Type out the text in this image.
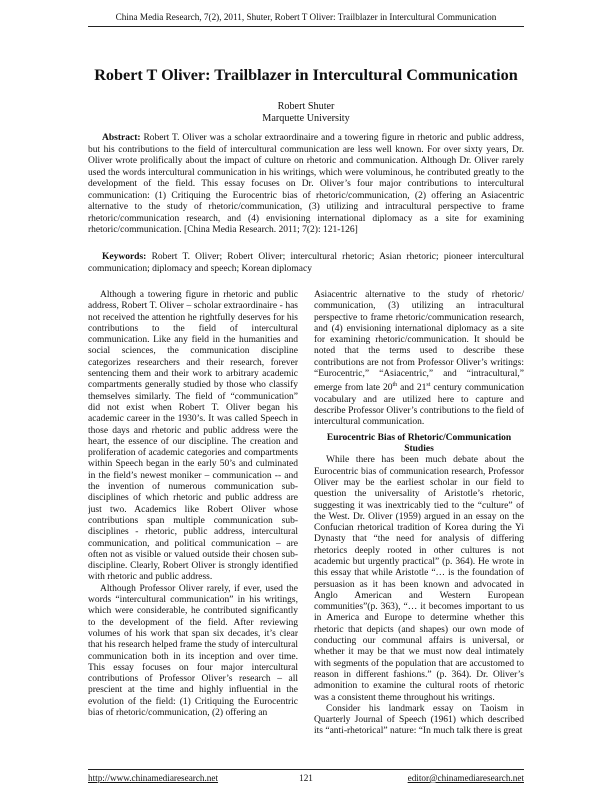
China Media Research, 7(2), 2011, Shuter, Robert T Oliver: Trailblazer in Intercultural Communication
Robert T Oliver: Trailblazer in Intercultural Communication
Robert Shuter
Marquette University
Abstract: Robert T. Oliver was a scholar extraordinaire and a towering figure in rhetoric and public address, but his contributions to the field of intercultural communication are less well known. For over sixty years, Dr. Oliver wrote prolifically about the impact of culture on rhetoric and communication. Although Dr. Oliver rarely used the words intercultural communication in his writings, which were voluminous, he contributed greatly to the development of the field. This essay focuses on Dr. Oliver’s four major contributions to intercultural communication: (1) Critiquing the Eurocentric bias of rhetoric/communication, (2) offering an Asiacentric alternative to the study of rhetoric/communication, (3) utilizing and intracultural perspective to frame rhetoric/communication research, and (4) envisioning international diplomacy as a site for examining rhetoric/communication. [China Media Research. 2011; 7(2): 121-126]
Keywords: Robert T. Oliver; Robert Oliver; intercultural rhetoric; Asian rhetoric; pioneer intercultural communication; diplomacy and speech; Korean diplomacy

Although a towering figure in rhetoric and public address, Robert T. Oliver – scholar extraordinaire - has not received the attention he rightfully deserves for his contributions to the field of intercultural communication. Like any field in the humanities and social sciences, the communication discipline categorizes researchers and their research, forever sentencing them and their work to arbitrary academic compartments generally studied by those who classify themselves similarly. The field of “communication” did not exist when Robert T. Oliver began his academic career in the 1930’s. It was called Speech in those days and rhetoric and public address were the heart, the essence of our discipline. The creation and proliferation of academic categories and compartments within Speech began in the early 50’s and culminated in the field’s newest moniker – communication -- and the invention of numerous communication sub-disciplines of which rhetoric and public address are just two. Academics like Robert Oliver whose contributions span multiple communication sub-disciplines - rhetoric, public address, intercultural communication, and political communication – are often not as visible or valued outside their chosen sub-discipline. Clearly, Robert Oliver is strongly identified with rhetoric and public address.

Although Professor Oliver rarely, if ever, used the words “intercultural communication” in his writings, which were considerable, he contributed significantly to the development of the field. After reviewing volumes of his work that span six decades, it’s clear that his research helped frame the study of intercultural communication both in its inception and over time. This essay focuses on four major intercultural contributions of Professor Oliver’s research – all prescient at the time and highly influential in the evolution of the field: (1) Critiquing the Eurocentric bias of rhetoric/communication, (2) offering an

Asiacentric alternative to the study of rhetoric/ communication, (3) utilizing an intracultural perspective to frame rhetoric/communication research, and (4) envisioning international diplomacy as a site for examining rhetoric/communication. It should be noted that the terms used to describe these contributions are not from Professor Oliver’s writings: “Eurocentric,” “Asiacentric,” and “intracultural,” emerge from late 20th and 21st century communication vocabulary and are utilized here to capture and describe Professor Oliver’s contributions to the field of intercultural communication.

Eurocentric Bias of Rhetoric/Communication Studies

While there has been much debate about the Eurocentric bias of communication research, Professor Oliver may be the earliest scholar in our field to question the universality of Aristotle’s rhetoric, suggesting it was inextricably tied to the “culture” of the West. Dr. Oliver (1959) argued in an essay on the Confucian rhetorical tradition of Korea during the Yi Dynasty that “the need for analysis of differing rhetorics deeply rooted in other cultures is not academic but urgently practical” (p. 364). He wrote in this essay that while Aristotle “… is the foundation of persuasion as it has been known and advocated in Anglo American and Western European communities”(p. 363), “… it becomes important to us in America and Europe to determine whether this rhetoric that depicts (and shapes) our own mode of conducting our communal affairs is universal, or whether it may be that we must now deal intimately with segments of the population that are accustomed to reason in different fashions.” (p. 364). Dr. Oliver’s admonition to examine the cultural roots of rhetoric was a consistent theme throughout his writings.

Consider his landmark essay on Taoism in Quarterly Journal of Speech (1961) which described its “anti-rhetorical” nature: “In much talk there is great

http://www.chinamediaresearch.net	121	editor@chinamediaresearch.net
